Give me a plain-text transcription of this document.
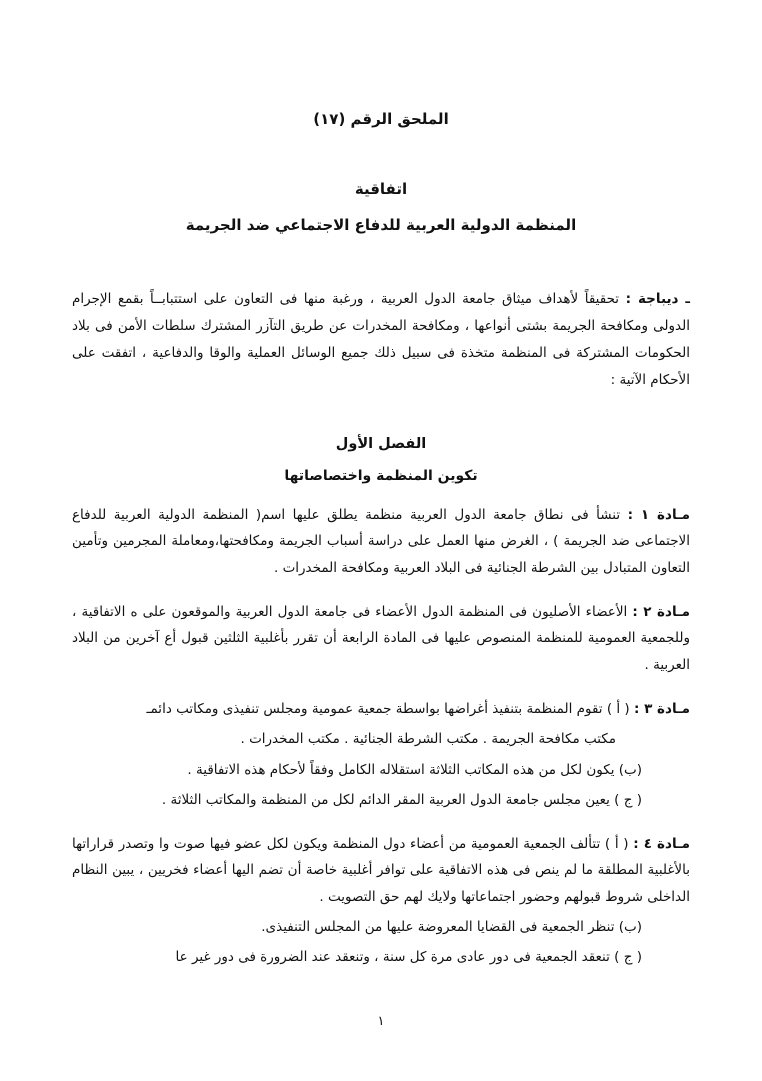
الملحق الرقم (١٧)
اتفاقية
المنظمة الدولية العربية للدفاع الاجتماعي ضد الجريمة
ـ ديباجة : تحقيقاً لأهداف ميثاق جامعة الدول العربية ، ورغبة منها فى التعاون على استتبابــاً بقمع الإجرام الدولى ومكافحة الجريمة بشتى أنواعها ، ومكافحة المخدرات عن طريق التآزر المشترك سلطات الأمن فى بلاد الحكومات المشتركة فى المنظمة متخذة فى سبيل ذلك جميع الوسائل العملية والوقا والدفاعية ، اتفقت على الأحكام الآتية :
الفصل الأول
تكوين المنظمة واختصاصاتها
مـادة ١ : تنشأ فى نطاق جامعة الدول العربية منظمة يطلق عليها اسم( المنظمة الدولية العربية للدفاع الاجتماعى ضد الجريمة ) ، الغرض منها العمل على دراسة أسباب الجريمة ومكافحتها،ومعاملة المجرمين وتأمين التعاون المتبادل بين الشرطة الجنائية فى البلاد العربية ومكافحة المخدرات .
مـادة ٢ : الأعضاء الأصليون فى المنظمة الدول الأعضاء فى جامعة الدول العربية والموقعون على ه الاتفاقية ، وللجمعية العمومية للمنظمة المنصوص عليها فى المادة الرابعة أن تقرر بأغلبية الثلثين قبول أع آخرين من البلاد العربية .
مـادة ٣ : ( أ ) تقوم المنظمة بتنفيذ أغراضها بواسطة جمعية عمومية ومجلس تنفيذى ومكاتب دائمـ
مكتب مكافحة الجريمة . مكتب الشرطة الجنائية . مكتب المخدرات .
(ب) يكون لكل من هذه المكاتب الثلاثة استقلاله الكامل وفقاً لأحكام هذه الاتفاقية .
( ج ) يعين مجلس جامعة الدول العربية المقر الدائم لكل من المنظمة والمكاتب الثلاثة .
مـادة ٤ : ( أ ) تتألف الجمعية العمومية من أعضاء دول المنظمة ويكون لكل عضو فيها صوت وا وتصدر قراراتها بالأغلبية المطلقة ما لم ينص فى هذه الاتفاقية على توافر أغلبية خاصة أن تضم اليها أعضاء فخريين ، يبين النظام الداخلى شروط قبولهم وحضور اجتماعاتها ولايك لهم حق التصويت .
(ب) تنظر الجمعية فى القضايا المعروضة عليها من المجلس التنفيذى.
( ج ) تنعقد الجمعية فى دور عادى مرة كل سنة ، وتنعقد عند الضرورة فى دور غير عا
١
